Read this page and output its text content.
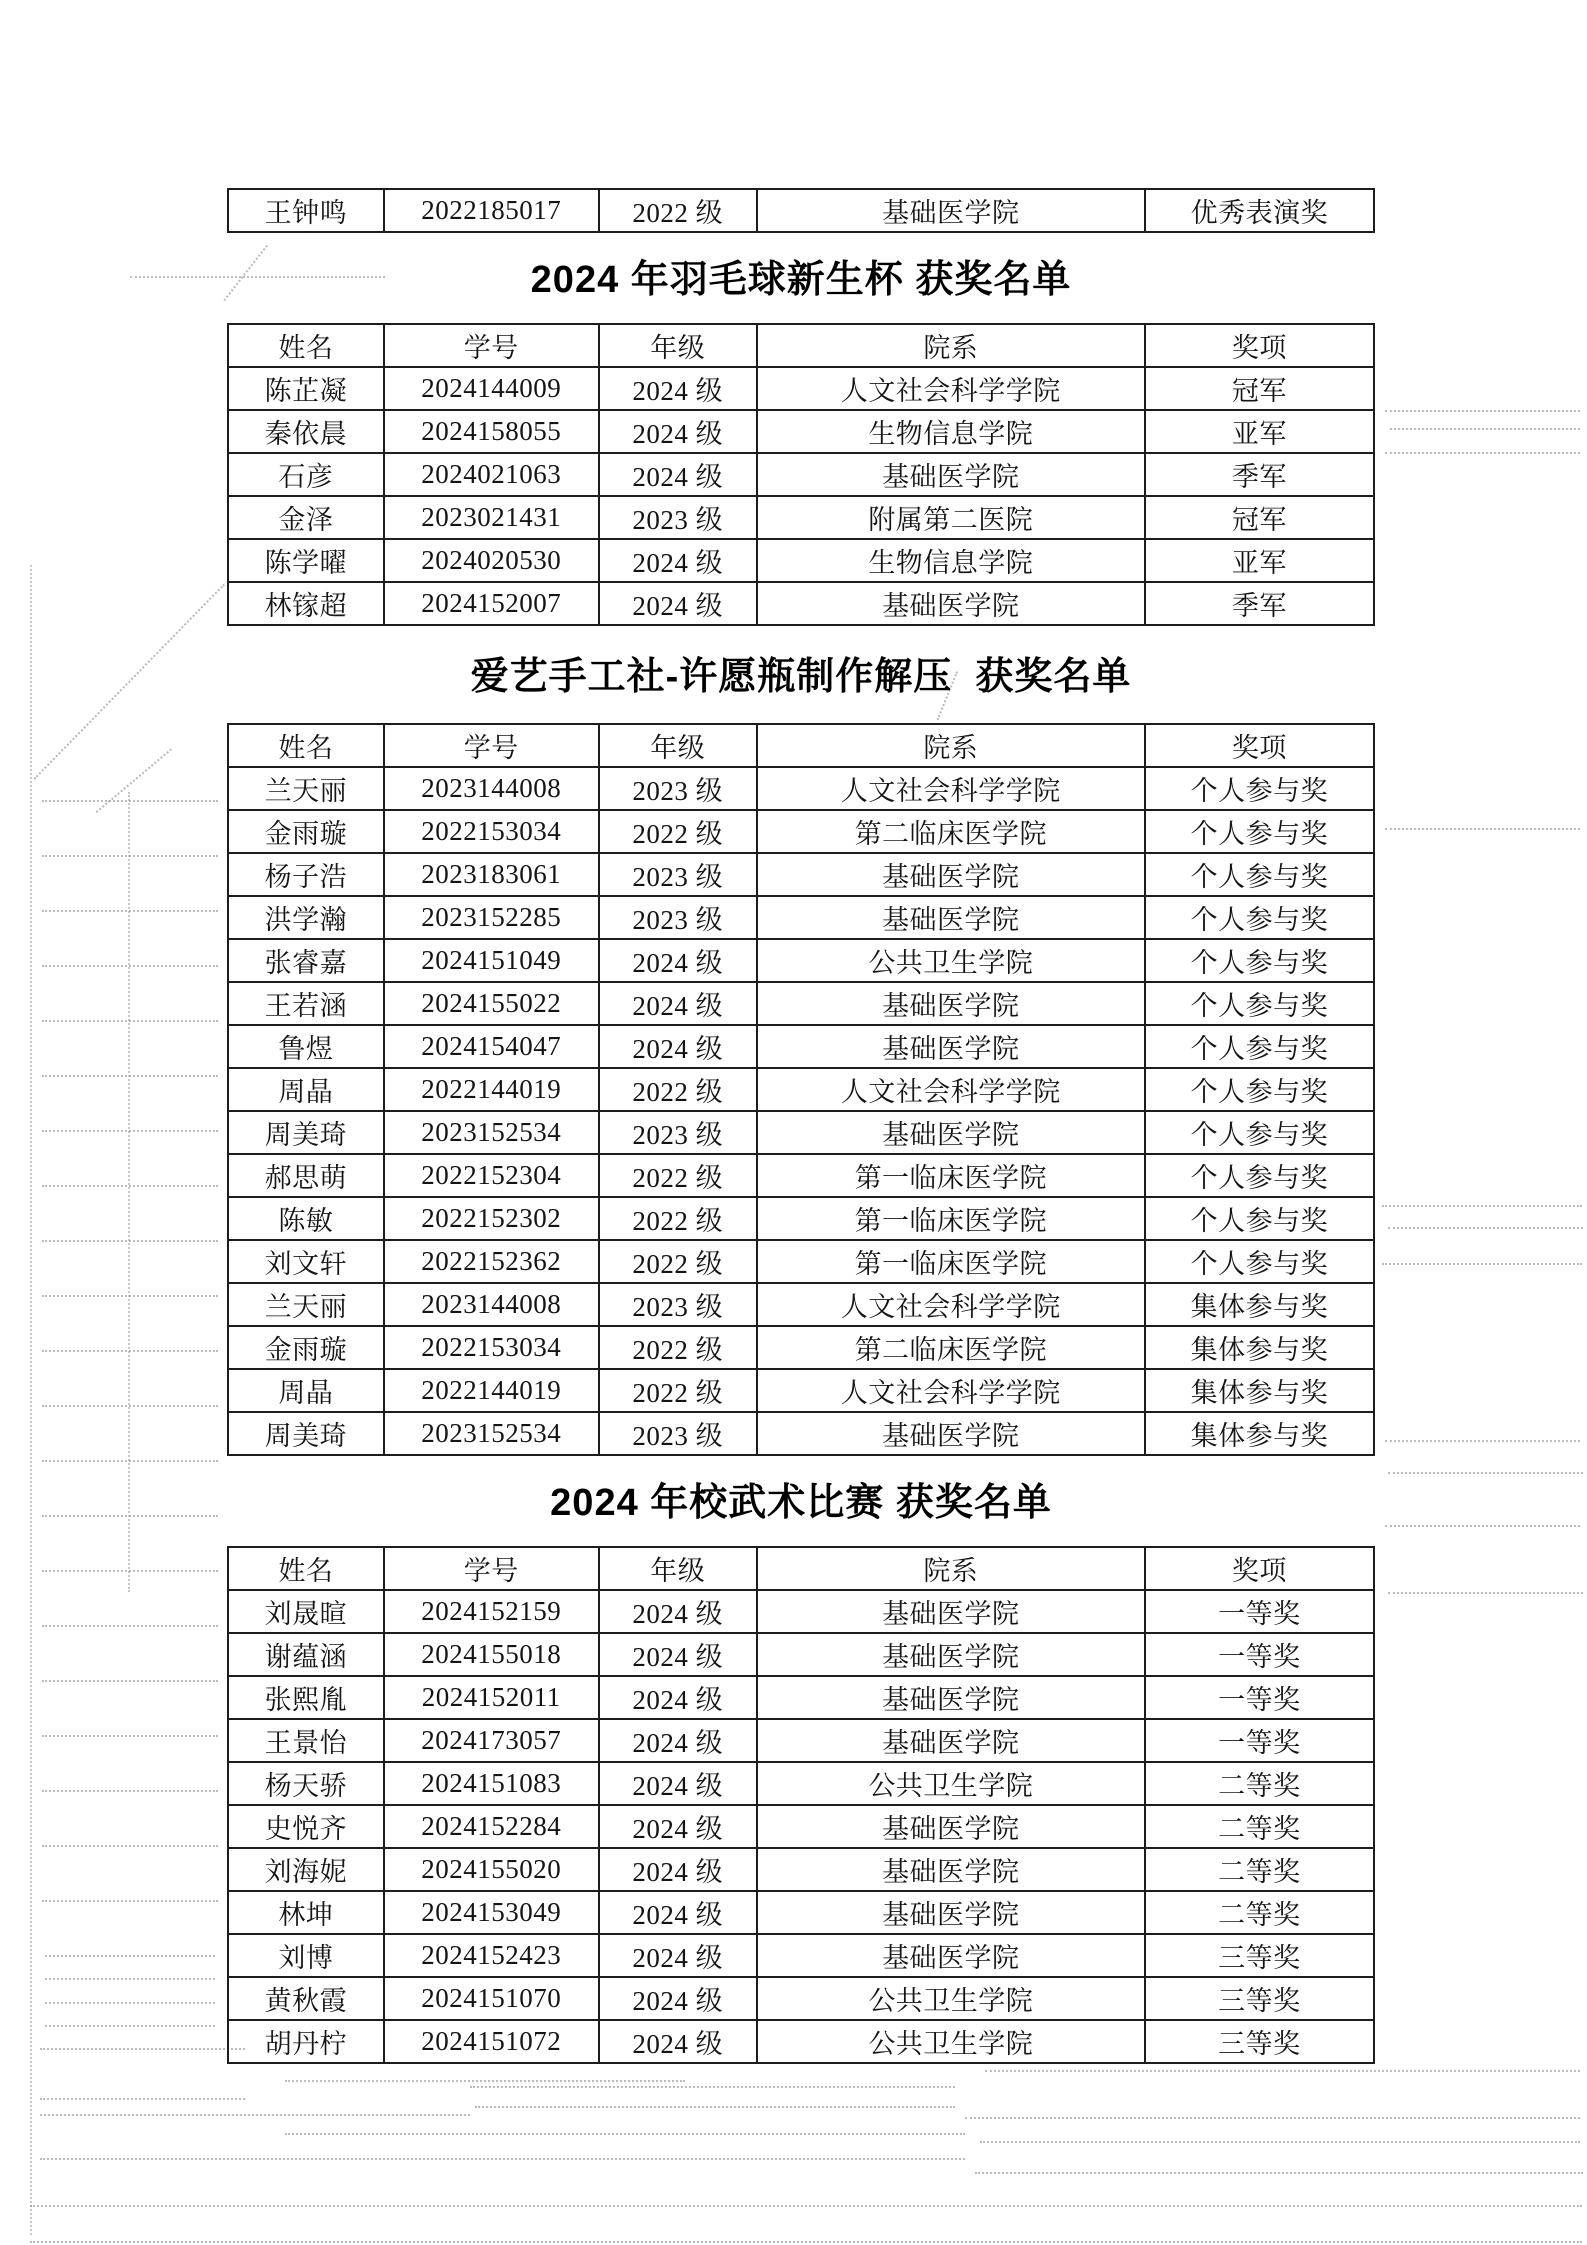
王钟鸣	2022185017	2022 级	基础医学院	优秀表演奖
2024 年羽毛球新生杯 获奖名单
姓名	学号	年级	院系	奖项
陈芷凝	2024144009	2024 级	人文社会科学学院	冠军
秦依晨	2024158055	2024 级	生物信息学院	亚军
石彦	2024021063	2024 级	基础医学院	季军
金泽	2023021431	2023 级	附属第二医院	冠军
陈学曜	2024020530	2024 级	生物信息学院	亚军
林镓超	2024152007	2024 级	基础医学院	季军
爱艺手工社-许愿瓶制作解压  获奖名单
姓名	学号	年级	院系	奖项
兰天丽	2023144008	2023 级	人文社会科学学院	个人参与奖
金雨璇	2022153034	2022 级	第二临床医学院	个人参与奖
杨子浩	2023183061	2023 级	基础医学院	个人参与奖
洪学瀚	2023152285	2023 级	基础医学院	个人参与奖
张睿嘉	2024151049	2024 级	公共卫生学院	个人参与奖
王若涵	2024155022	2024 级	基础医学院	个人参与奖
鲁煜	2024154047	2024 级	基础医学院	个人参与奖
周晶	2022144019	2022 级	人文社会科学学院	个人参与奖
周美琦	2023152534	2023 级	基础医学院	个人参与奖
郝思萌	2022152304	2022 级	第一临床医学院	个人参与奖
陈敏	2022152302	2022 级	第一临床医学院	个人参与奖
刘文轩	2022152362	2022 级	第一临床医学院	个人参与奖
兰天丽	2023144008	2023 级	人文社会科学学院	集体参与奖
金雨璇	2022153034	2022 级	第二临床医学院	集体参与奖
周晶	2022144019	2022 级	人文社会科学学院	集体参与奖
周美琦	2023152534	2023 级	基础医学院	集体参与奖
2024 年校武术比赛 获奖名单
姓名	学号	年级	院系	奖项
刘晟暄	2024152159	2024 级	基础医学院	一等奖
谢蕴涵	2024155018	2024 级	基础医学院	一等奖
张熙胤	2024152011	2024 级	基础医学院	一等奖
王景怡	2024173057	2024 级	基础医学院	一等奖
杨天骄	2024151083	2024 级	公共卫生学院	二等奖
史悦齐	2024152284	2024 级	基础医学院	二等奖
刘海妮	2024155020	2024 级	基础医学院	二等奖
林坤	2024153049	2024 级	基础医学院	二等奖
刘博	2024152423	2024 级	基础医学院	三等奖
黄秋霞	2024151070	2024 级	公共卫生学院	三等奖
胡丹柠	2024151072	2024 级	公共卫生学院	三等奖
